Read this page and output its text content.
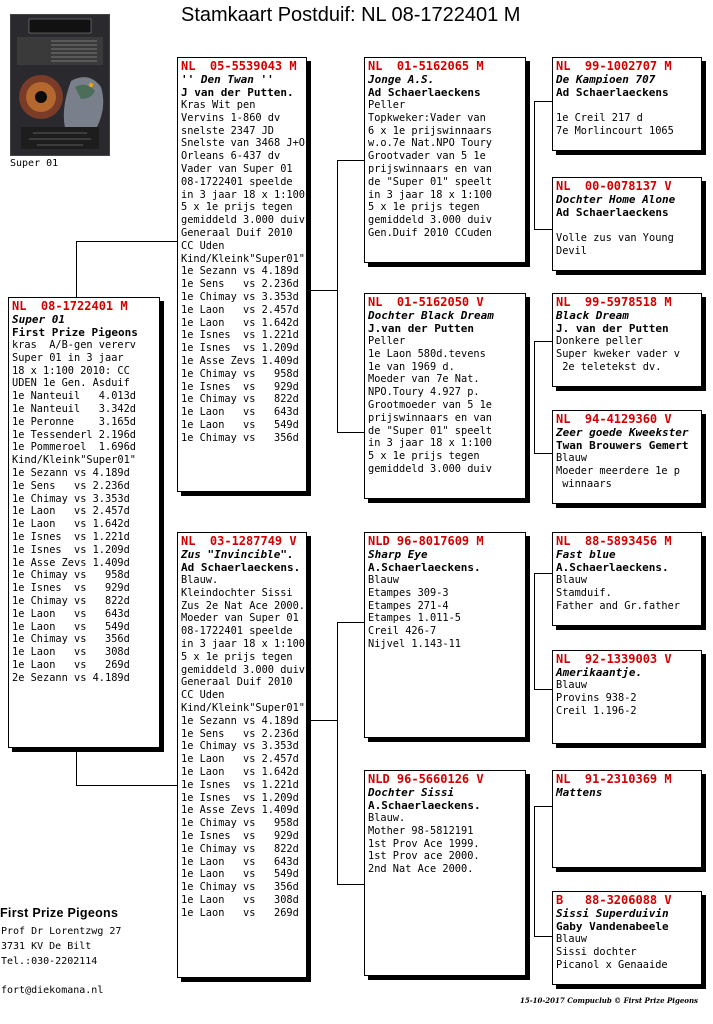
Stamkaart Postduif: NL 08-1722401 M
Super 01
NL  08-1722401 M
Super 01
First Prize Pigeons
kras  A/B-gen vererv
Super 01 in 3 jaar
18 x 1:100 2010: CC
UDEN 1e Gen. Asduif
1e Nanteuil   4.013d
1e Nanteuil   3.342d
1e Peronne    3.165d
1e Tessenderl 2.196d
1e Pommeroel  1.696d
Kind/Kleink"Super01"
1e Sezann vs 4.189d
1e Sens   vs 2.236d
1e Chimay vs 3.353d
1e Laon   vs 2.457d
1e Laon   vs 1.642d
1e Isnes  vs 1.221d
1e Isnes  vs 1.209d
1e Asse Zevs 1.409d
1e Chimay vs   958d
1e Isnes  vs   929d
1e Chimay vs   822d
1e Laon   vs   643d
1e Laon   vs   549d
1e Chimay vs   356d
1e Laon   vs   308d
1e Laon   vs   269d
2e Sezann vs 4.189d
NL  05-5539043 M
'' Den Twan ''
J van der Putten.
Kras Wit pen
Vervins 1-860 dv
snelste 2347 JD
Snelste van 3468 J+O
Orleans 6-437 dv
Vader van Super 01
08-1722401 speelde
in 3 jaar 18 x 1:100
5 x 1e prijs tegen
gemiddeld 3.000 duiv
Generaal Duif 2010
CC Uden
Kind/Kleink"Super01"
1e Sezann vs 4.189d
1e Sens   vs 2.236d
1e Chimay vs 3.353d
1e Laon   vs 2.457d
1e Laon   vs 1.642d
1e Isnes  vs 1.221d
1e Isnes  vs 1.209d
1e Asse Zevs 1.409d
1e Chimay vs   958d
1e Isnes  vs   929d
1e Chimay vs   822d
1e Laon   vs   643d
1e Laon   vs   549d
1e Chimay vs   356d
NL  03-1287749 V
Zus "Invincible".
Ad Schaerlaeckens.
Blauw.
Kleindochter Sissi
Zus 2e Nat Ace 2000.
Moeder van Super 01
08-1722401 speelde
in 3 jaar 18 x 1:100
5 x 1e prijs tegen
gemiddeld 3.000 duiv
Generaal Duif 2010
CC Uden
Kind/Kleink"Super01"
1e Sezann vs 4.189d
1e Sens   vs 2.236d
1e Chimay vs 3.353d
1e Laon   vs 2.457d
1e Laon   vs 1.642d
1e Isnes  vs 1.221d
1e Isnes  vs 1.209d
1e Asse Zevs 1.409d
1e Chimay vs   958d
1e Isnes  vs   929d
1e Chimay vs   822d
1e Laon   vs   643d
1e Laon   vs   549d
1e Chimay vs   356d
1e Laon   vs   308d
1e Laon   vs   269d
NL  01-5162065 M
Jonge A.S.
Ad Schaerlaeckens
Peller
Topkweker:Vader van
6 x 1e prijswinnaars
w.o.7e Nat.NPO Toury
Grootvader van 5 1e
prijswinnaars en van
de "Super 01" speelt
in 3 jaar 18 x 1:100
5 x 1e prijs tegen
gemiddeld 3.000 duiv
Gen.Duif 2010 CCuden
NL  01-5162050 V
Dochter Black Dream
J.van der Putten
Peller
1e Laon 580d.tevens
1e van 1969 d.
Moeder van 7e Nat.
NPO.Toury 4.927 p.
Grootmoeder van 5 1e
prijswinnaars en van
de "Super 01" speelt
in 3 jaar 18 x 1:100
5 x 1e prijs tegen
gemiddeld 3.000 duiv
NLD 96-8017609 M
Sharp Eye
A.Schaerlaeckens.
Blauw
Etampes 309-3
Etampes 271-4
Etampes 1.011-5
Creil 426-7
Nijvel 1.143-11
NLD 96-5660126 V
Dochter Sissi
A.Schaerlaeckens.
Blauw.
Mother 98-5812191
1st Prov Ace 1999.
1st Prov ace 2000.
2nd Nat Ace 2000.
NL  99-1002707 M
De Kampioen 707
Ad Schaerlaeckens

1e Creil 217 d
7e Morlincourt 1065
NL  00-0078137 V
Dochter Home Alone
Ad Schaerlaeckens

Volle zus van Young
Devil
NL  99-5978518 M
Black Dream
J. van der Putten
Donkere peller
Super kweker vader v
2e teletekst dv.
NL  94-4129360 V
Zeer goede Kweekster
Twan Brouwers Gemert
Blauw
Moeder meerdere 1e p
winnaars
NL  88-5893456 M
Fast blue
A.Schaerlaeckens.
Blauw
Stamduif.
Father and Gr.father
NL  92-1339003 V
Amerikaantje.
Blauw
Provins 938-2
Creil 1.196-2
NL  91-2310369 M
Mattens
B   88-3206088 V
Sissi Superduivin
Gaby Vandenabeele
Blauw
Sissi dochter
Picanol x Genaaide
First Prize Pigeons
Prof Dr Lorentzwg 27
3731 KV De Bilt
Tel.:030-2202114
fort@diekomana.nl
15-10-2017 Compuclub © First Prize Pigeons
